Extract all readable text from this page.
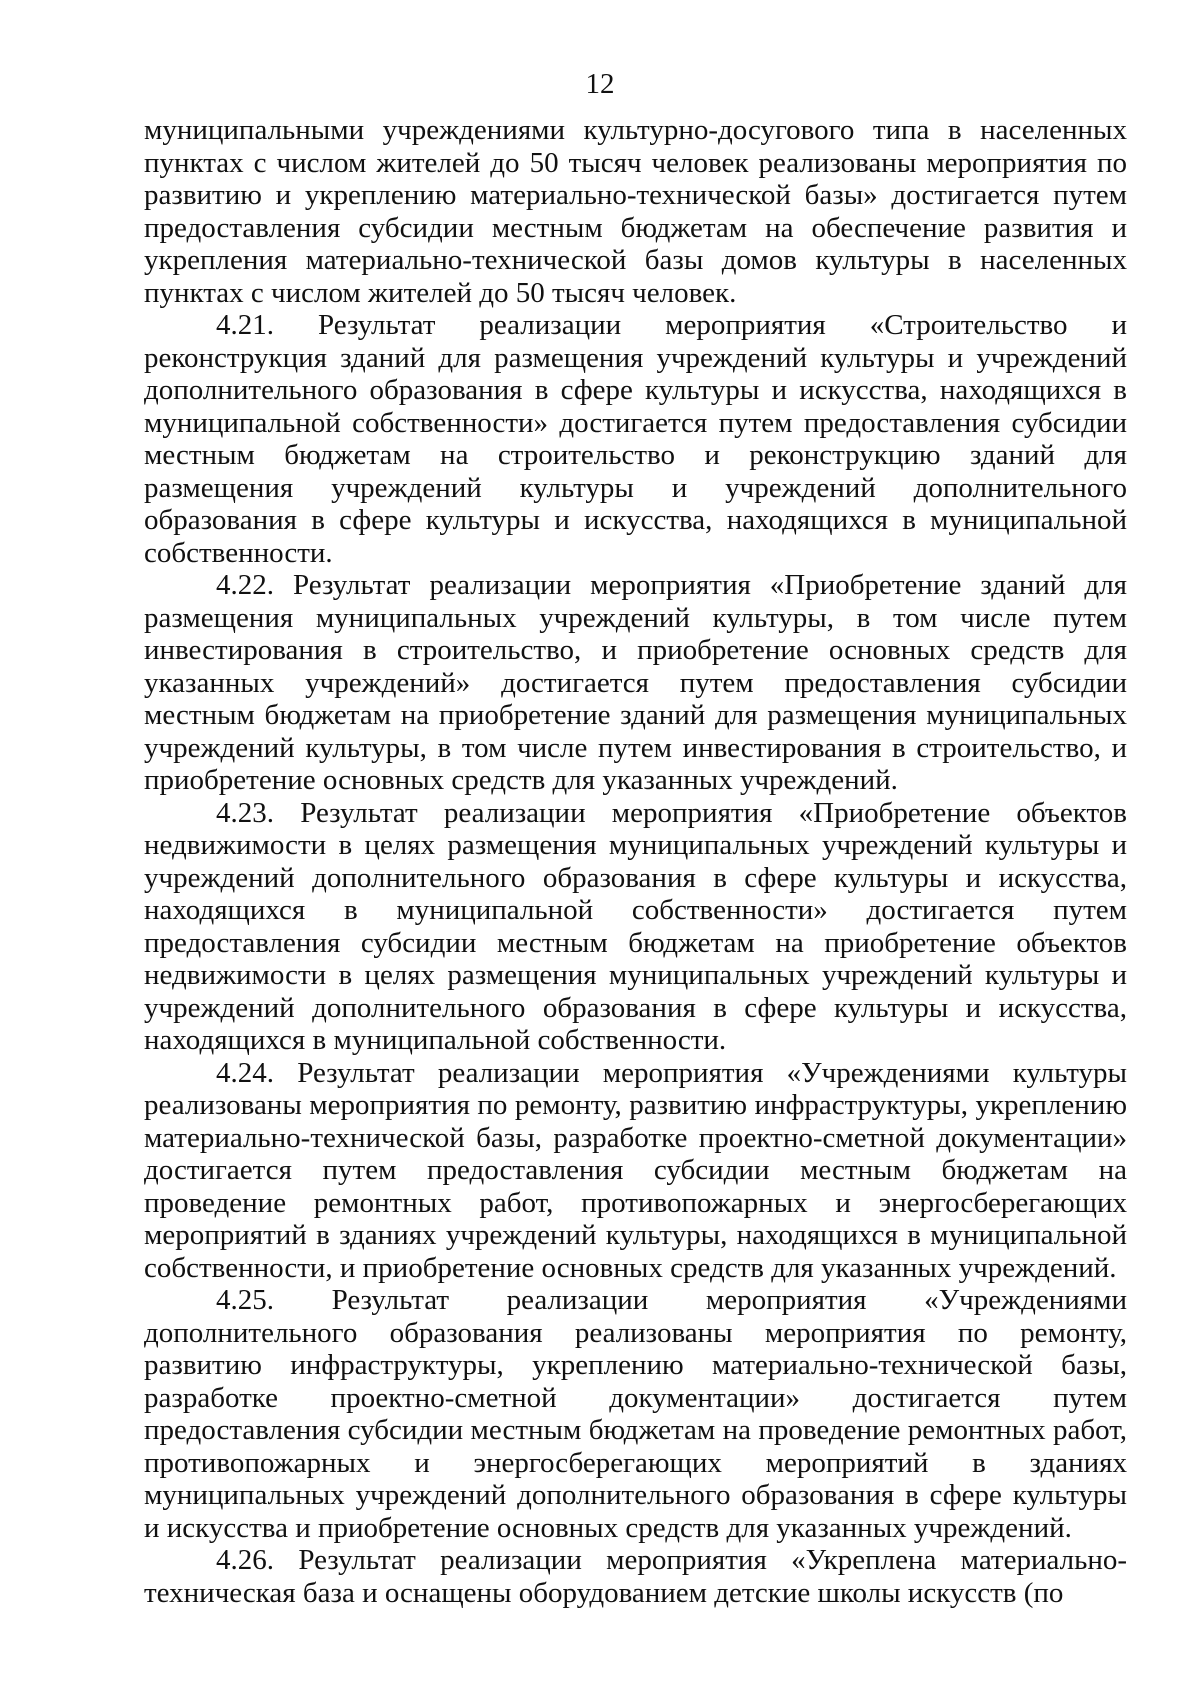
12

муниципальными учреждениями культурно-досугового типа в населенных пунктах с числом жителей до 50 тысяч человек реализованы мероприятия по развитию и укреплению материально-технической базы» достигается путем предоставления субсидии местным бюджетам на обеспечение развития и укрепления материально-технической базы домов культуры в населенных пунктах с числом жителей до 50 тысяч человек.

4.21. Результат реализации мероприятия «Строительство и реконструкция зданий для размещения учреждений культуры и учреждений дополнительного образования в сфере культуры и искусства, находящихся в муниципальной собственности» достигается путем предоставления субсидии местным бюджетам на строительство и реконструкцию зданий для размещения учреждений культуры и учреждений дополнительного образования в сфере культуры и искусства, находящихся в муниципальной собственности.

4.22. Результат реализации мероприятия «Приобретение зданий для размещения муниципальных учреждений культуры, в том числе путем инвестирования в строительство, и приобретение основных средств для указанных учреждений» достигается путем предоставления субсидии местным бюджетам на приобретение зданий для размещения муниципальных учреждений культуры, в том числе путем инвестирования в строительство, и приобретение основных средств для указанных учреждений.

4.23. Результат реализации мероприятия «Приобретение объектов недвижимости в целях размещения муниципальных учреждений культуры и учреждений дополнительного образования в сфере культуры и искусства, находящихся в муниципальной собственности» достигается путем предоставления субсидии местным бюджетам на приобретение объектов недвижимости в целях размещения муниципальных учреждений культуры и учреждений дополнительного образования в сфере культуры и искусства, находящихся в муниципальной собственности.

4.24. Результат реализации мероприятия «Учреждениями культуры реализованы мероприятия по ремонту, развитию инфраструктуры, укреплению материально-технической базы, разработке проектно-сметной документации» достигается путем предоставления субсидии местным бюджетам на проведение ремонтных работ, противопожарных и энергосберегающих мероприятий в зданиях учреждений культуры, находящихся в муниципальной собственности, и приобретение основных средств для указанных учреждений.

4.25. Результат реализации мероприятия «Учреждениями дополнительного образования реализованы мероприятия по ремонту, развитию инфраструктуры, укреплению материально-технической базы, разработке проектно-сметной документации» достигается путем предоставления субсидии местным бюджетам на проведение ремонтных работ, противопожарных и энергосберегающих мероприятий в зданиях муниципальных учреждений дополнительного образования в сфере культуры и искусства и приобретение основных средств для указанных учреждений.

4.26. Результат реализации мероприятия «Укреплена материально-техническая база и оснащены оборудованием детские школы искусств (по
